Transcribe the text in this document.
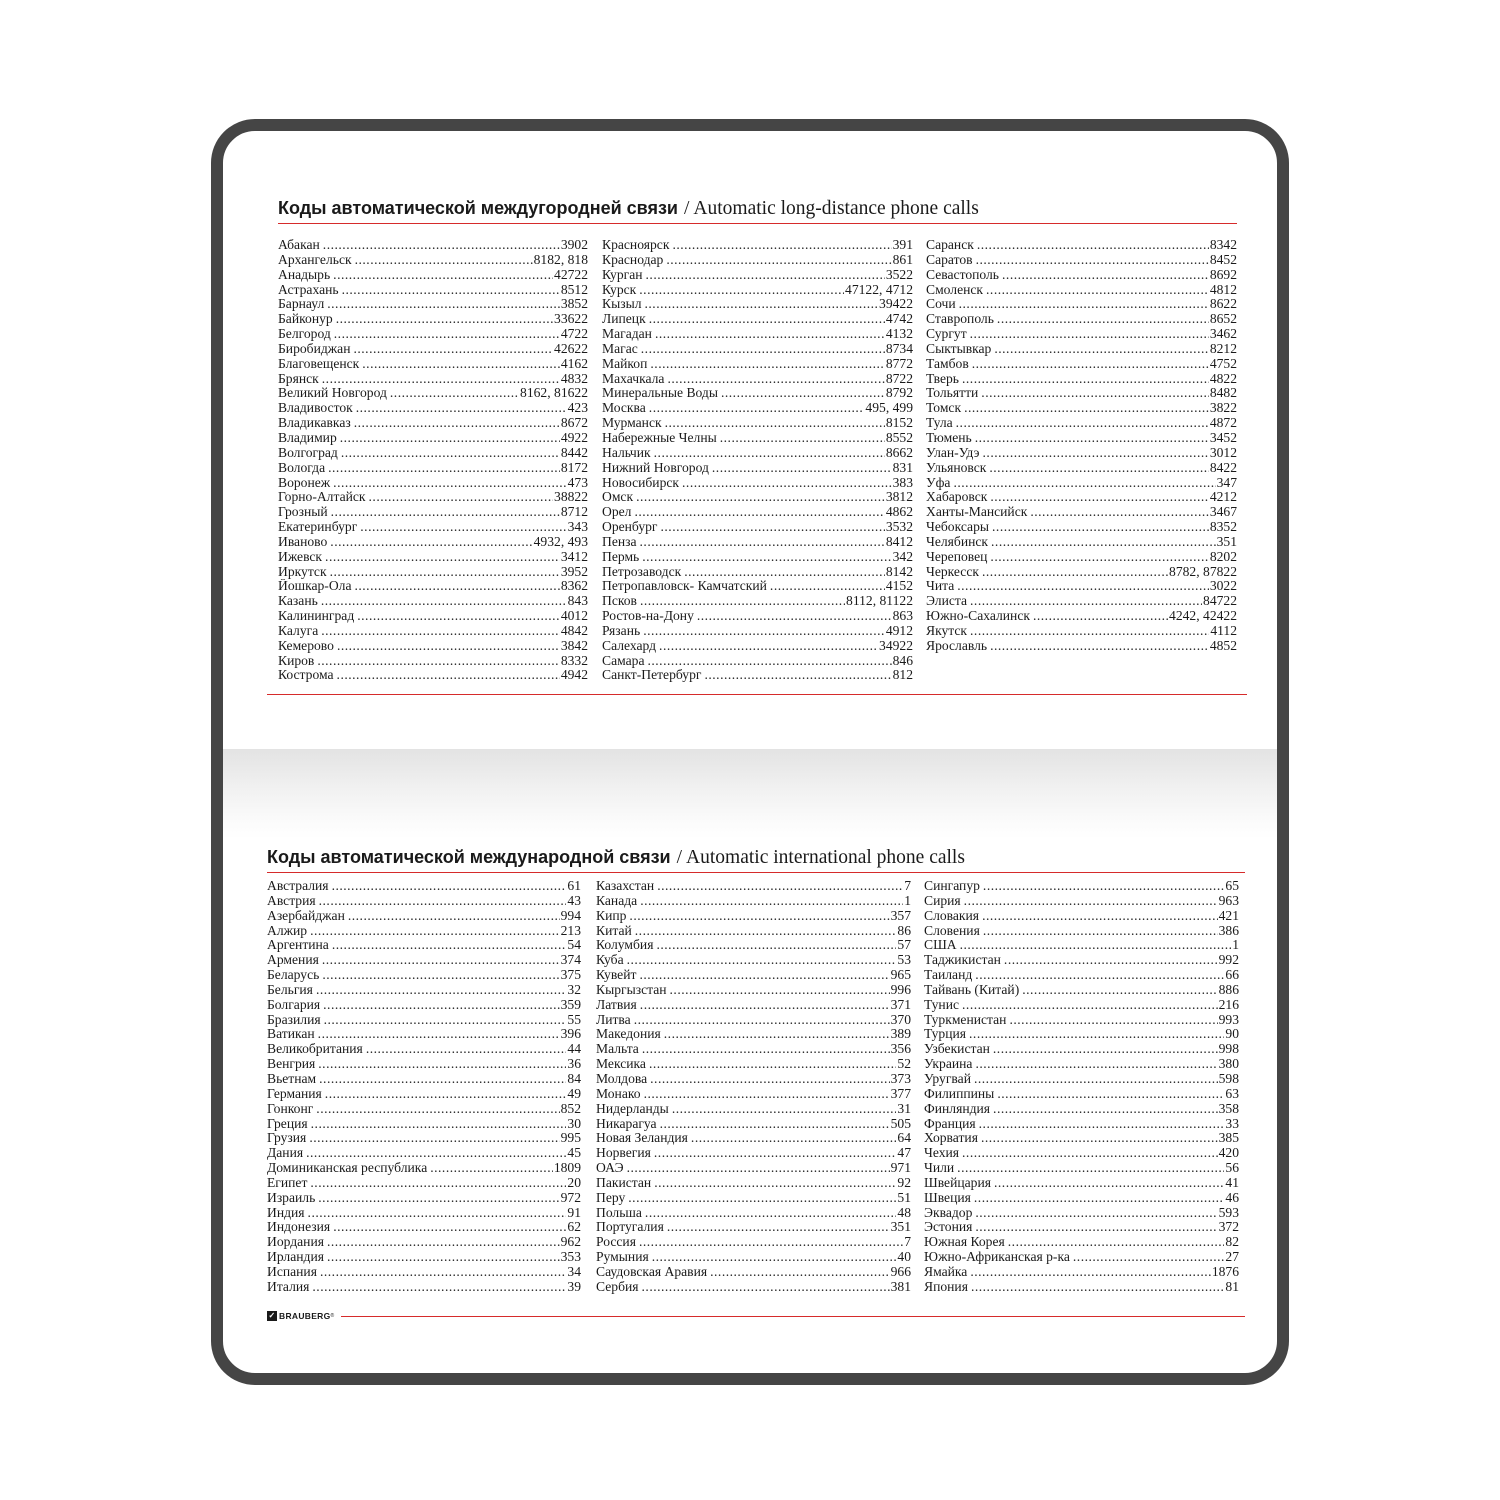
Коды автоматической междугородней связи / Automatic long-distance phone calls
Абакан .....	3902
Архангельск .....	8182, 818
Анадырь .....	42722
Астрахань .....	8512
Барнаул .....	3852
Байконур .....	33622
Белгород .....	4722
Биробиджан .....	42622
Благовещенск .....	4162
Брянск .....	4832
Великий Новгород .....	8162, 81622
Владивосток .....	423
Владикавказ .....	8672
Владимир .....	4922
Волгоград .....	8442
Вологда .....	8172
Воронеж .....	473
Горно-Алтайск .....	38822
Грозный .....	8712
Екатеринбург .....	343
Иваново .....	4932, 493
Ижевск .....	3412
Иркутск .....	3952
Йошкар-Ола .....	8362
Казань .....	843
Калининград .....	4012
Калуга .....	4842
Кемерово .....	3842
Киров .....	8332
Кострома .....	4942
Красноярск .....	391
Краснодар .....	861
Курган .....	3522
Курск .....	47122, 4712
Кызыл .....	39422
Липецк .....	4742
Магадан .....	4132
Магас .....	8734
Майкоп .....	8772
Махачкала .....	8722
Минеральные Воды .....	8792
Москва .....	495, 499
Мурманск .....	8152
Набережные Челны .....	8552
Нальчик .....	8662
Нижний Новгород .....	831
Новосибирск .....	383
Омск .....	3812
Орел .....	4862
Оренбург .....	3532
Пенза .....	8412
Пермь .....	342
Петрозаводск .....	8142
Петропавловск- Камчатский .....	4152
Псков .....	8112, 81122
Ростов-на-Дону .....	863
Рязань .....	4912
Салехард .....	34922
Самара .....	846
Санкт-Петербург .....	812
Саранск .....	8342
Саратов .....	8452
Севастополь .....	8692
Смоленск .....	4812
Сочи .....	8622
Ставрополь .....	8652
Сургут .....	3462
Сыктывкар .....	8212
Тамбов .....	4752
Тверь .....	4822
Тольятти .....	8482
Томск .....	3822
Тула .....	4872
Тюмень .....	3452
Улан-Удэ .....	3012
Ульяновск .....	8422
Уфа .....	347
Хабаровск .....	4212
Ханты-Мансийск .....	3467
Чебоксары .....	8352
Челябинск .....	351
Череповец .....	8202
Черкесск .....	8782, 87822
Чита .....	3022
Элиста .....	84722
Южно-Сахалинск .....	4242, 42422
Якутск .....	4112
Ярославль .....	4852
Коды автоматической международной связи / Automatic international phone calls
Австралия .....	61
Австрия .....	43
Азербайджан .....	994
Алжир .....	213
Аргентина .....	54
Армения .....	374
Беларусь .....	375
Бельгия .....	32
Болгария .....	359
Бразилия .....	55
Ватикан .....	396
Великобритания .....	44
Венгрия .....	36
Вьетнам .....	84
Германия .....	49
Гонконг .....	852
Греция .....	30
Грузия .....	995
Дания .....	45
Доминиканская республика .....	1809
Египет .....	20
Израиль .....	972
Индия .....	91
Индонезия .....	62
Иордания .....	962
Ирландия .....	353
Испания .....	34
Италия .....	39
Казахстан .....	7
Канада .....	1
Кипр .....	357
Китай .....	86
Колумбия .....	57
Куба .....	53
Кувейт .....	965
Кыргызстан .....	996
Латвия .....	371
Литва .....	370
Македония .....	389
Мальта .....	356
Мексика .....	52
Молдова .....	373
Монако .....	377
Нидерланды .....	31
Никарагуа .....	505
Новая Зеландия .....	64
Норвегия .....	47
ОАЭ .....	971
Пакистан .....	92
Перу .....	51
Польша .....	48
Португалия .....	351
Россия .....	7
Румыния .....	40
Саудовская Аравия .....	966
Сербия .....	381
Сингапур .....	65
Сирия .....	963
Словакия .....	421
Словения .....	386
США .....	1
Таджикистан .....	992
Таиланд .....	66
Тайвань (Китай) .....	886
Тунис .....	216
Туркменистан .....	993
Турция .....	90
Узбекистан .....	998
Украина .....	380
Уругвай .....	598
Филиппины .....	63
Финляндия .....	358
Франция .....	33
Хорватия .....	385
Чехия .....	420
Чили .....	56
Швейцария .....	41
Швеция .....	46
Эквадор .....	593
Эстония .....	372
Южная Корея .....	82
Южно-Африканская р-ка .....	27
Ямайка .....	1876
Япония .....	81
✓ BRAUBERG ®
